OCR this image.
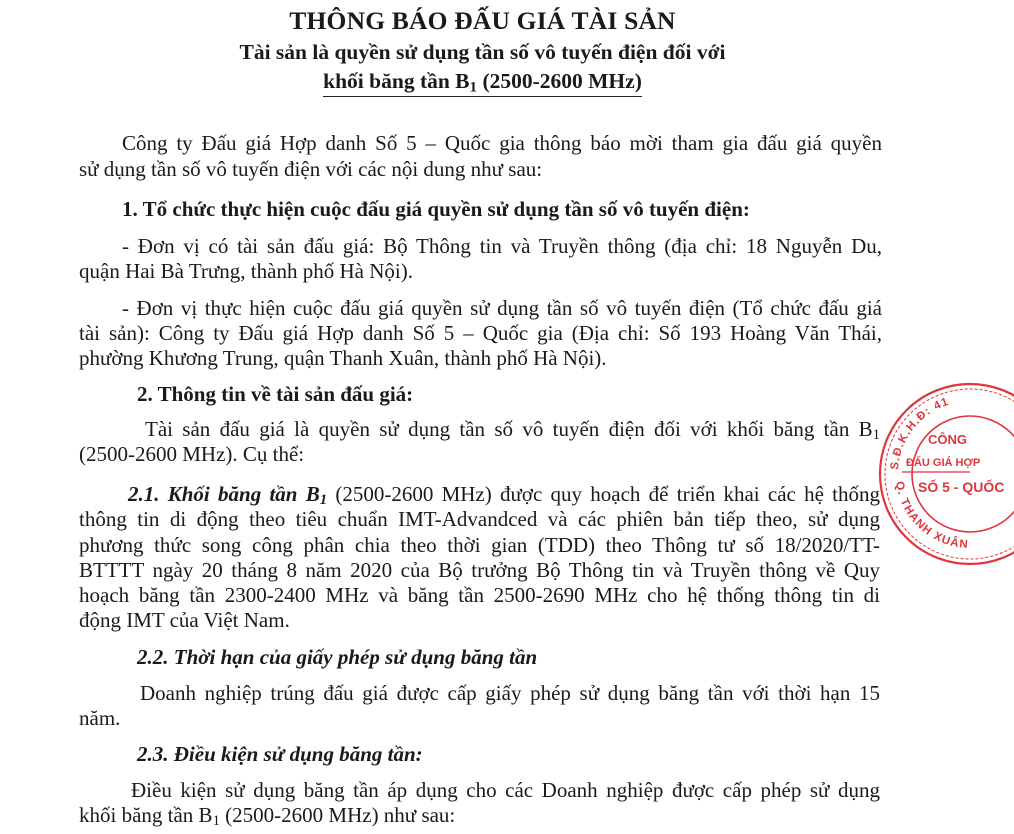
THÔNG BÁO ĐẤU GIÁ TÀI SẢN
Tài sản là quyền sử dụng tần số vô tuyến điện đối với
khối băng tần $B_1$ (2500-2600 MHz)
Công ty Đấu giá Hợp danh Số 5 – Quốc gia thông báo mời tham gia đấu giá quyền
sử dụng tần số vô tuyến điện với các nội dung như sau:
1. Tổ chức thực hiện cuộc đấu giá quyền sử dụng tần số vô tuyến điện:
- Đơn vị có tài sản đấu giá: Bộ Thông tin và Truyền thông (địa chỉ: 18 Nguyễn Du,
quận Hai Bà Trưng, thành phố Hà Nội).
- Đơn vị thực hiện cuộc đấu giá quyền sử dụng tần số vô tuyến điện (Tổ chức đấu giá
tài sản): Công ty Đấu giá Hợp danh Số 5 – Quốc gia (Địa chỉ: Số 193 Hoàng Văn Thái,
phường Khương Trung, quận Thanh Xuân, thành phố Hà Nội).
2. Thông tin về tài sản đấu giá:
Tài sản đấu giá là quyền sử dụng tần số vô tuyến điện đối với khối băng tần $B_1$
(2500-2600 MHz). Cụ thể:
2.1. Khối băng tần $B_1$ (2500-2600 MHz) được quy hoạch để triển khai các hệ thống
thông tin di động theo tiêu chuẩn IMT-Advandced và các phiên bản tiếp theo, sử dụng
phương thức song công phân chia theo thời gian (TDD) theo Thông tư số 18/2020/TT-
BTTTT ngày 20 tháng 8 năm 2020 của Bộ trưởng Bộ Thông tin và Truyền thông về Quy
hoạch băng tần 2300-2400 MHz và băng tần 2500-2690 MHz cho hệ thống thông tin di
động IMT của Việt Nam.
2.2. Thời hạn của giấy phép sử dụng băng tần
Doanh nghiệp trúng đấu giá được cấp giấy phép sử dụng băng tần với thời hạn 15
năm.
2.3. Điều kiện sử dụng băng tần:
Điều kiện sử dụng băng tần áp dụng cho các Doanh nghiệp được cấp phép sử dụng
khối băng tần $B_1$ (2500-2600 MHz) như sau:
S.Đ.K.H.Đ: 41
Q. THANH XUÂN
CÔNG
ĐẤU GIÁ HỢP
SỐ 5 - QUỐC
